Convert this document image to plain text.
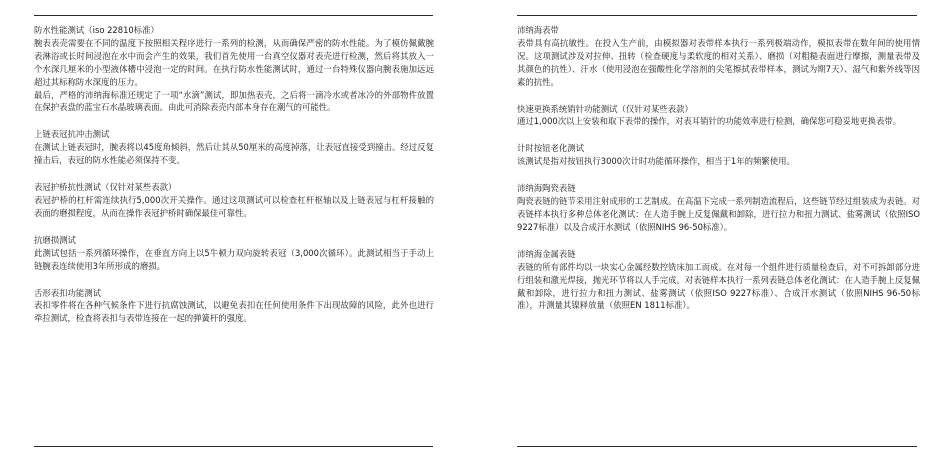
防水性能测试（iso 22810标准）

腕表表壳需要在不同的温度下按照相关程序进行一系列的检测，从而确保严密的防水性能。为了模仿佩戴腕表淋浴或长时间浸泡在水中而会产生的效果，我们首先使用一台真空仪器对表壳进行检测，然后将其放入一个水深几厘米的小型液体槽中浸泡一定的时间。在执行防水性能测试时，通过一台特殊仪器向腕表施加远远超过其标称防水深度的压力。

最后，严格的沛纳海标准还规定了一项“水滴”测试，即加热表壳，之后将一滴冷水或者冰冷的外部物件放置在保护表盘的蓝宝石水晶玻璃表面。由此可消除表壳内部本身存在潮气的可能性。

上链表冠抗冲击测试

在测试上链表冠时，腕表将以45度角倾斜，然后让其从50厘米的高度掉落，让表冠直接受到撞击。经过反复撞击后，表冠的防水性能必须保持不变。

表冠护桥抗性测试（仅针对某些表款）

表冠护桥的杠杆需连续执行5,000次开关操作。通过这项测试可以检查杠杆枢轴以及上链表冠与杠杆接触的表面的磨损程度，从而在操作表冠护桥时确保最佳可靠性。

抗磨损测试

此测试包括一系列循环操作，在垂直方向上以5牛顿力双向旋转表冠（3,000次循环）。此测试相当于手动上链腕表连续使用3年所形成的磨损。

舌形表扣功能测试

表扣零件将在各种气候条件下进行抗腐蚀测试，以避免表扣在任何使用条件下出现故障的风险，此外也进行牵拉测试，检查将表扣与表带连接在一起的弹簧杆的强度。

沛纳海表带

表带具有高抗敏性。在投入生产前，由模拟器对表带样本执行一系列极端动作，模拟表带在数年间的使用情况。这项测试涉及对拉伸、扭转（检查硬度与柔软度的相对关系）、磨损（对粗糙表面进行摩擦，测量表带及其颜色的抗性）、汗水（使用浸泡在强酸性化学溶剂的尖笔擦拭表带样本，测试为期7天）、湿气和紫外线等因素的抗性。

快速更换系统销针功能测试（仅针对某些表款）

通过1,000次以上安装和取下表带的操作，对表耳销针的功能效率进行检测，确保您可稳妥地更换表带。

计时按钮老化测试

该测试是指对按钮执行3000次计时功能循环操作，相当于1年的频繁使用。

沛纳海陶瓷表链

陶瓷表链的链节采用注射成形的工艺制成。在高温下完成一系列制造流程后，这些链节经过组装成为表链。对表链样本执行多种总体老化测试：在人造手腕上反复佩戴和卸除，进行拉力和扭力测试、盐雾测试（依照ISO 9227标准）以及合成汗水测试（依照NIHS 96-50标准）。

沛纳海金属表链

表链的所有部件均以一块实心金属经数控铣床加工而成。在对每一个组件进行质量检查后，对不可拆卸部分进行组装和激光焊接，抛光环节将以人手完成。对表链样本执行一系列表链总体老化测试：在人造手腕上反复佩戴和卸除，进行拉力和扭力测试、盐雾测试（依照ISO 9227标准）、合成汗水测试（依照NIHS 96-50标准），并测量其镍释放量（依照EN 1811标准）。
